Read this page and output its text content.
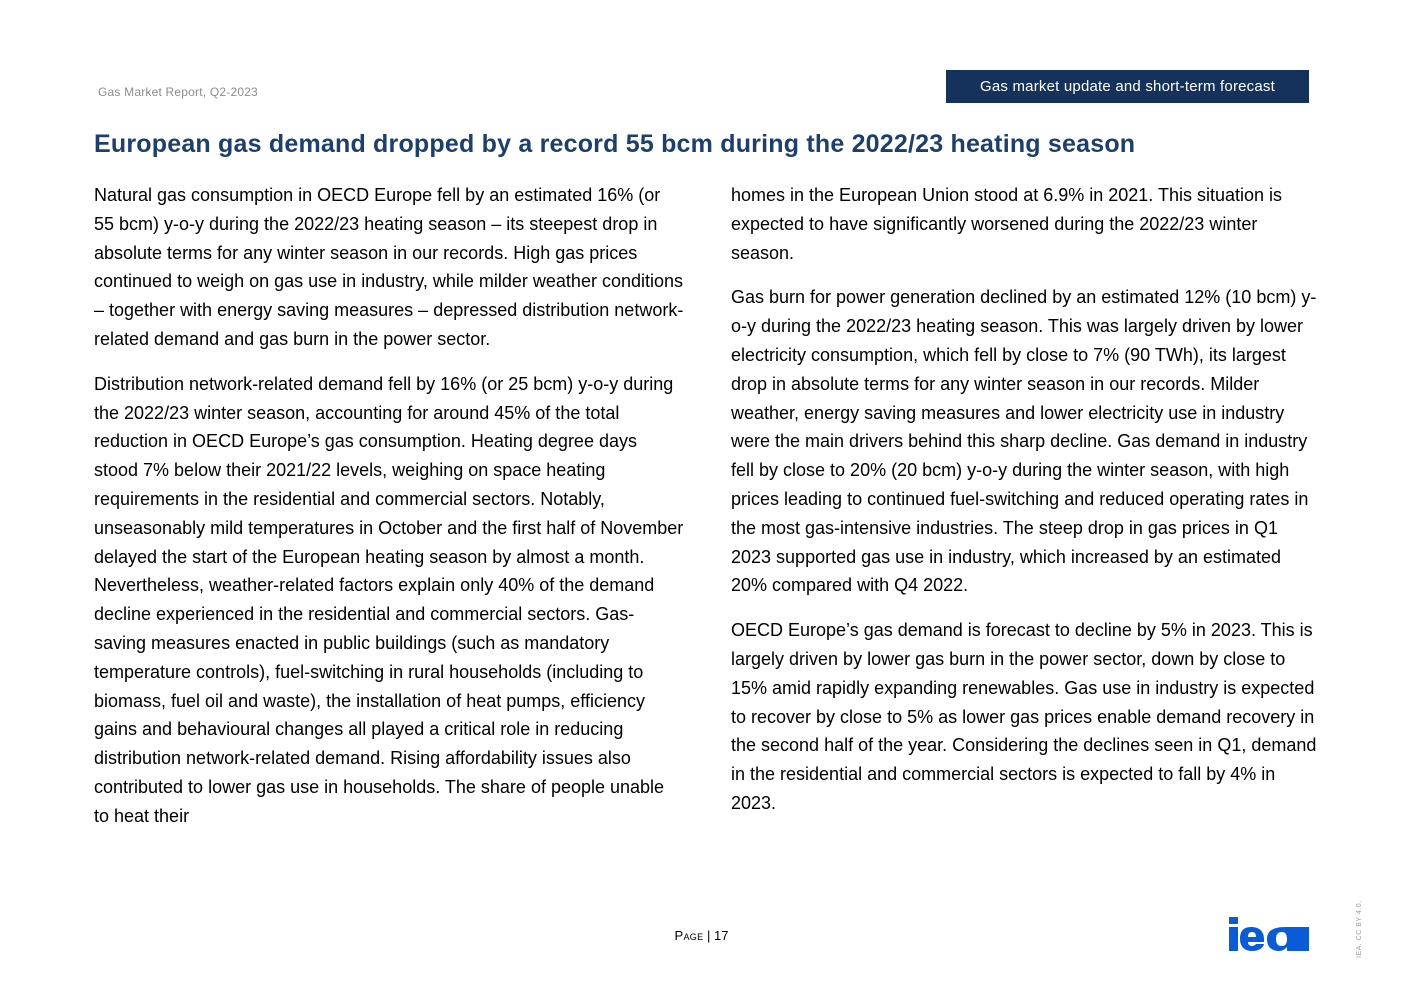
Gas Market Report, Q2-2023	Gas market update and short-term forecast
European gas demand dropped by a record 55 bcm during the 2022/23 heating season

Natural gas consumption in OECD Europe fell by an estimated 16% (or 55 bcm) y-o-y during the 2022/23 heating season – its steepest drop in absolute terms for any winter season in our records. High gas prices continued to weigh on gas use in industry, while milder weather conditions – together with energy saving measures – depressed distribution network-related demand and gas burn in the power sector.

Distribution network-related demand fell by 16% (or 25 bcm) y-o-y during the 2022/23 winter season, accounting for around 45% of the total reduction in OECD Europe’s gas consumption. Heating degree days stood 7% below their 2021/22 levels, weighing on space heating requirements in the residential and commercial sectors. Notably, unseasonably mild temperatures in October and the first half of November delayed the start of the European heating season by almost a month. Nevertheless, weather-related factors explain only 40% of the demand decline experienced in the residential and commercial sectors. Gas-saving measures enacted in public buildings (such as mandatory temperature controls), fuel-switching in rural households (including to biomass, fuel oil and waste), the installation of heat pumps, efficiency gains and behavioural changes all played a critical role in reducing distribution network-related demand. Rising affordability issues also contributed to lower gas use in households. The share of people unable to heat their

homes in the European Union stood at 6.9% in 2021. This situation is expected to have significantly worsened during the 2022/23 winter season.

Gas burn for power generation declined by an estimated 12% (10 bcm) y-o-y during the 2022/23 heating season. This was largely driven by lower electricity consumption, which fell by close to 7% (90 TWh), its largest drop in absolute terms for any winter season in our records. Milder weather, energy saving measures and lower electricity use in industry were the main drivers behind this sharp decline. Gas demand in industry fell by close to 20% (20 bcm) y-o-y during the winter season, with high prices leading to continued fuel-switching and reduced operating rates in the most gas-intensive industries. The steep drop in gas prices in Q1 2023 supported gas use in industry, which increased by an estimated 20% compared with Q4 2022.

OECD Europe’s gas demand is forecast to decline by 5% in 2023. This is largely driven by lower gas burn in the power sector, down by close to 15% amid rapidly expanding renewables. Gas use in industry is expected to recover by close to 5% as lower gas prices enable demand recovery in the second half of the year. Considering the declines seen in Q1, demand in the residential and commercial sectors is expected to fall by 4% in 2023.

Page | 17	IEA. CC BY 4.0.
